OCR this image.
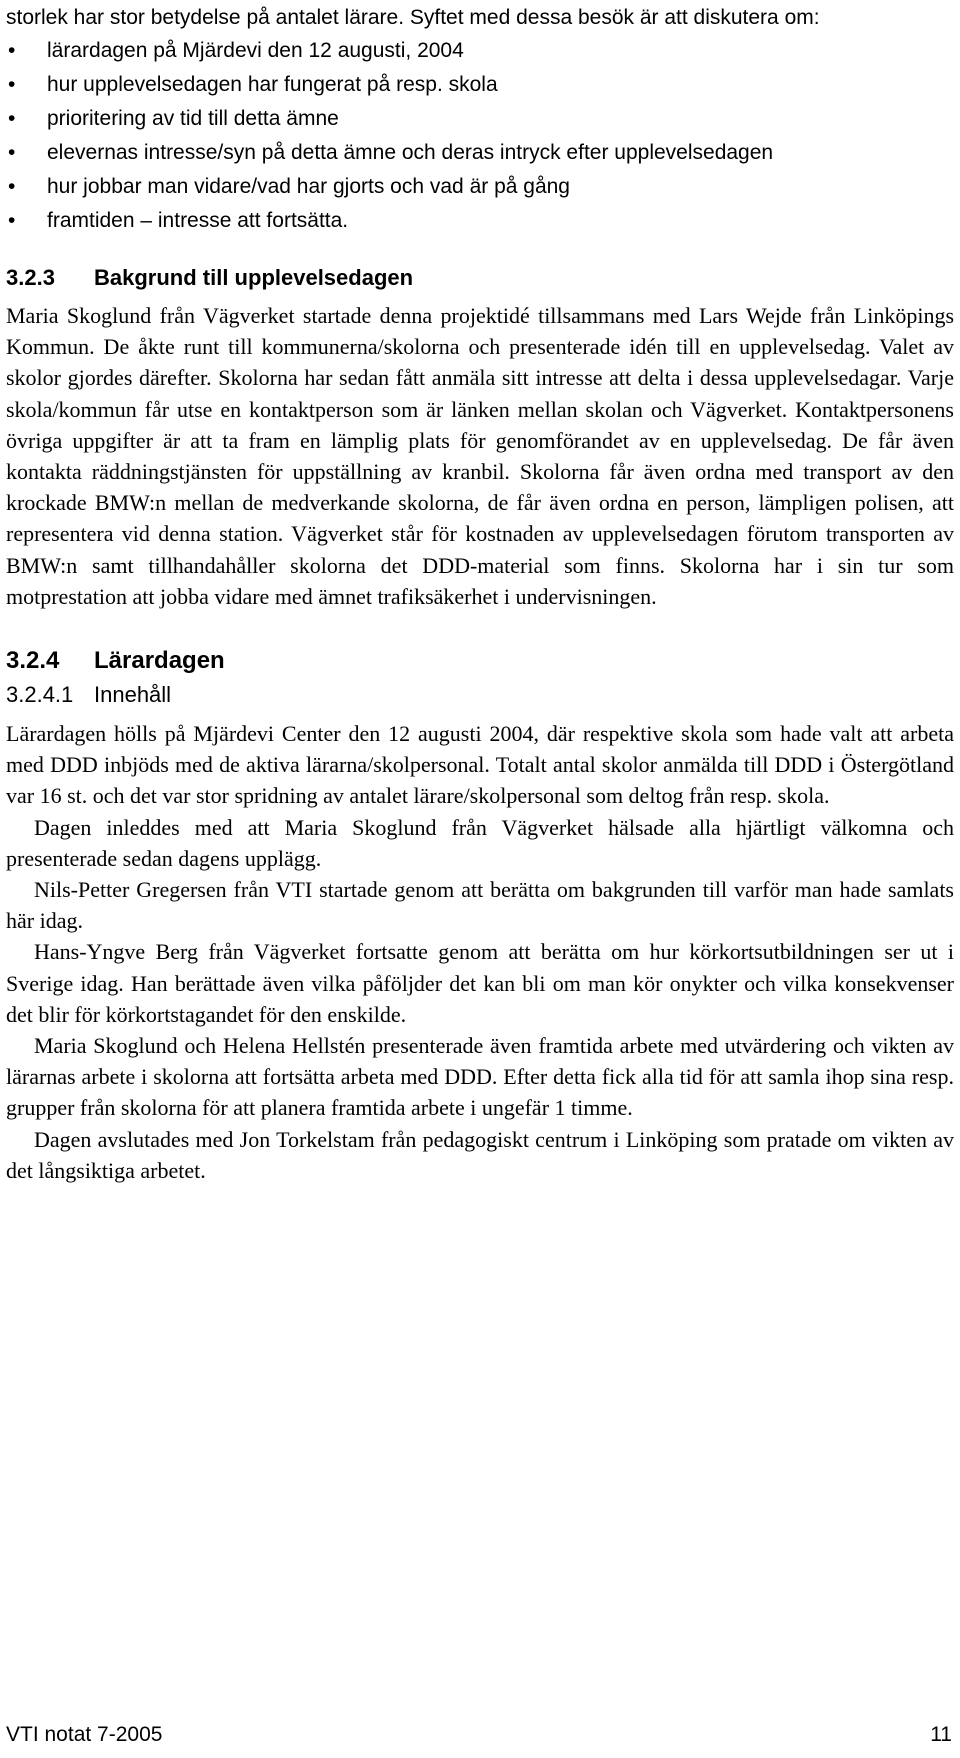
storlek har stor betydelse på antalet lärare. Syftet med dessa besök är att diskutera om:

• lärardagen på Mjärdevi den 12 augusti, 2004
• hur upplevelsedagen har fungerat på resp. skola
• prioritering av tid till detta ämne
• elevernas intresse/syn på detta ämne och deras intryck efter upplevelsedagen
• hur jobbar man vidare/vad har gjorts och vad är på gång
• framtiden – intresse att fortsätta.
3.2.3 Bakgrund till upplevelsedagen

Maria Skoglund från Vägverket startade denna projektidé tillsammans med Lars Wejde från Linköpings Kommun. De åkte runt till kommunerna/skolorna och presenterade idén till en upplevelsedag. Valet av skolor gjordes därefter. Skolorna har sedan fått anmäla sitt intresse att delta i dessa upplevelsedagar. Varje skola/kommun får utse en kontaktperson som är länken mellan skolan och Vägverket. Kontaktpersonens övriga uppgifter är att ta fram en lämplig plats för genomförandet av en upplevelsedag. De får även kontakta räddningstjänsten för uppställning av kranbil. Skolorna får även ordna med transport av den krockade BMW:n mellan de medverkande skolorna, de får även ordna en person, lämpligen polisen, att representera vid denna station. Vägverket står för kostnaden av upplevelsedagen förutom transporten av BMW:n samt tillhandahåller skolorna det DDD-material som finns. Skolorna har i sin tur som motprestation att jobba vidare med ämnet trafiksäkerhet i undervisningen.

3.2.4 Lärardagen
3.2.4.1 Innehåll

Lärardagen hölls på Mjärdevi Center den 12 augusti 2004, där respektive skola som hade valt att arbeta med DDD inbjöds med de aktiva lärarna/skolpersonal. Totalt antal skolor anmälda till DDD i Östergötland var 16 st. och det var stor spridning av antalet lärare/skolpersonal som deltog från resp. skola.

Dagen inleddes med att Maria Skoglund från Vägverket hälsade alla hjärtligt välkomna och presenterade sedan dagens upplägg.

Nils-Petter Gregersen från VTI startade genom att berätta om bakgrunden till varför man hade samlats här idag.

Hans-Yngve Berg från Vägverket fortsatte genom att berätta om hur körkortsutbildningen ser ut i Sverige idag. Han berättade även vilka påföljder det kan bli om man kör onykter och vilka konsekvenser det blir för körkortstagandet för den enskilde.

Maria Skoglund och Helena Hellstén presenterade även framtida arbete med utvärdering och vikten av lärarnas arbete i skolorna att fortsätta arbeta med DDD. Efter detta fick alla tid för att samla ihop sina resp. grupper från skolorna för att planera framtida arbete i ungefär 1 timme.

Dagen avslutades med Jon Torkelstam från pedagogiskt centrum i Linköping som pratade om vikten av det långsiktiga arbetet.

VTI notat 7-2005	11
